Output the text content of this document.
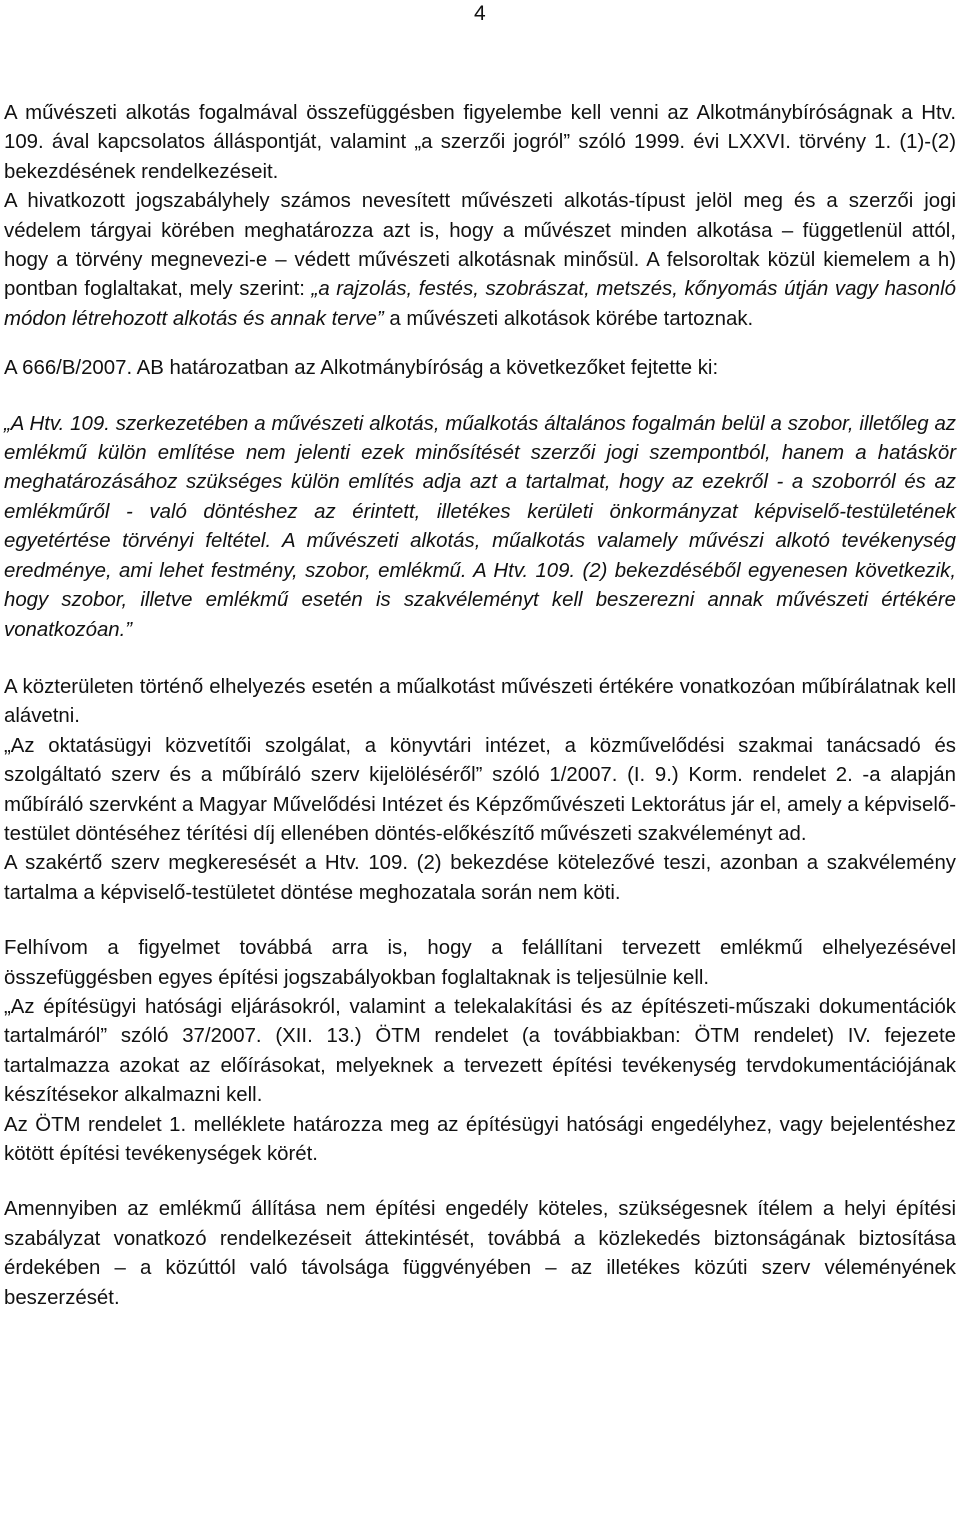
4

A művészeti alkotás fogalmával összefüggésben figyelembe kell venni az Alkotmánybíróságnak a Htv. 109. ával kapcsolatos álláspontját, valamint „a szerzői jogról” szóló 1999. évi LXXVI. törvény 1. (1)-(2) bekezdésének rendelkezéseit.

A hivatkozott jogszabályhely számos nevesített művészeti alkotás-típust jelöl meg és a szerzői jogi védelem tárgyai körében meghatározza azt is, hogy a művészet minden alkotása – függetlenül attól, hogy a törvény megnevezi-e – védett művészeti alkotásnak minősül. A felsoroltak közül kiemelem a h) pontban foglaltakat, mely szerint: „a rajzolás, festés, szobrászat, metszés, kőnyomás útján vagy hasonló módon létrehozott alkotás és annak terve” a művészeti alkotások körébe tartoznak.

A 666/B/2007. AB határozatban az Alkotmánybíróság a következőket fejtette ki:

„A Htv. 109. szerkezetében a művészeti alkotás, műalkotás általános fogalmán belül a szobor, illetőleg az emlékmű külön említése nem jelenti ezek minősítését szerzői jogi szempontból, hanem a hatáskör meghatározásához szükséges külön említés adja azt a tartalmat, hogy az ezekről - a szoborról és az emlékműről - való döntéshez az érintett, illetékes kerületi önkormányzat képviselő-testületének egyetértése törvényi feltétel. A művészeti alkotás, műalkotás valamely művészi alkotó tevékenység eredménye, ami lehet festmény, szobor, emlékmű. A Htv. 109. (2) bekezdéséből egyenesen következik, hogy szobor, illetve emlékmű esetén is szakvéleményt kell beszerezni annak művészeti értékére vonatkozóan.”

A közterületen történő elhelyezés esetén a műalkotást művészeti értékére vonatkozóan műbírálatnak kell alávetni.

„Az oktatásügyi közvetítői szolgálat, a könyvtári intézet, a közművelődési szakmai tanácsadó és szolgáltató szerv és a műbíráló szerv kijelöléséről” szóló 1/2007. (I. 9.) Korm. rendelet 2. -a alapján műbíráló szervként a Magyar Művelődési Intézet és Képzőművészeti Lektorátus jár el, amely a képviselő-testület döntéséhez térítési díj ellenében döntés-előkészítő művészeti szakvéleményt ad.

A szakértő szerv megkeresését a Htv. 109. (2) bekezdése kötelezővé teszi, azonban a szakvélemény tartalma a képviselő-testületet döntése meghozatala során nem köti.

Felhívom a figyelmet továbbá arra is, hogy a felállítani tervezett emlékmű elhelyezésével összefüggésben egyes építési jogszabályokban foglaltaknak is teljesülnie kell.

„Az építésügyi hatósági eljárásokról, valamint a telekalakítási és az építészeti-műszaki dokumentációk tartalmáról” szóló 37/2007. (XII. 13.) ÖTM rendelet (a továbbiakban: ÖTM rendelet) IV. fejezete tartalmazza azokat az előírásokat, melyeknek a tervezett építési tevékenység tervdokumentációjának készítésekor alkalmazni kell.

Az ÖTM rendelet 1. melléklete határozza meg az építésügyi hatósági engedélyhez, vagy bejelentéshez kötött építési tevékenységek körét.

Amennyiben az emlékmű állítása nem építési engedély köteles, szükségesnek ítélem a helyi építési szabályzat vonatkozó rendelkezéseit áttekintését, továbbá a közlekedés biztonságának biztosítása érdekében – a közúttól való távolsága függvényében – az illetékes közúti szerv véleményének beszerzését.
